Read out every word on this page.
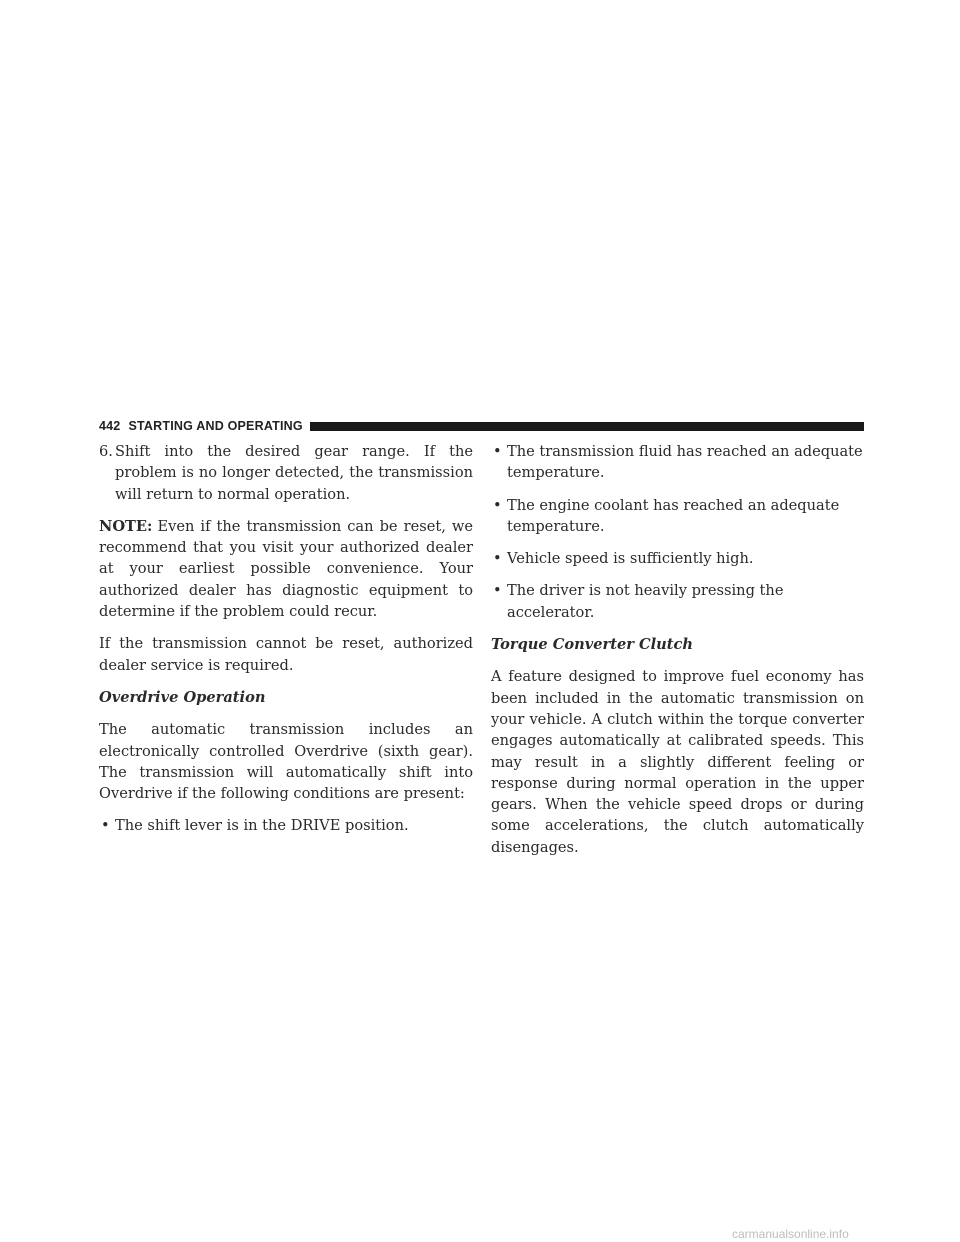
442 STARTING AND OPERATING

6. Shift into the desired gear range. If the problem is no longer detected, the transmission will return to normal operation.

NOTE: Even if the transmission can be reset, we recommend that you visit your authorized dealer at your earliest possible convenience. Your authorized dealer has diagnostic equipment to determine if the problem could recur.

If the transmission cannot be reset, authorized dealer service is required.

Overdrive Operation

The automatic transmission includes an electronically controlled Overdrive (sixth gear). The transmission will automatically shift into Overdrive if the following conditions are present:

• The shift lever is in the DRIVE position.
• The transmission fluid has reached an adequate temperature.
• The engine coolant has reached an adequate temperature.
• Vehicle speed is sufficiently high.
• The driver is not heavily pressing the accelerator.
Torque Converter Clutch

A feature designed to improve fuel economy has been included in the automatic transmission on your vehicle. A clutch within the torque converter engages automatically at calibrated speeds. This may result in a slightly different feeling or response during normal operation in the upper gears. When the vehicle speed drops or during some accelerations, the clutch automatically disengages.

carmanualsonline.info
